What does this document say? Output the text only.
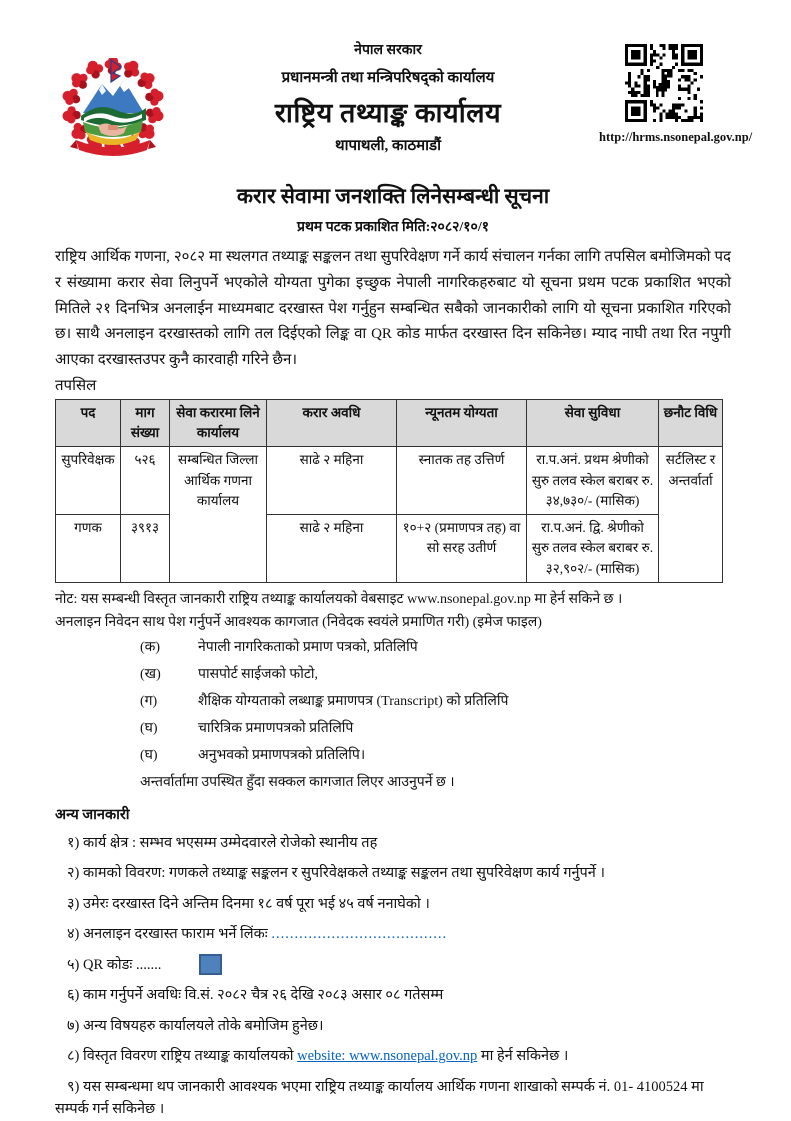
नेपाल सरकार
प्रधानमन्त्री तथा मन्त्रिपरिषद्को कार्यालय
राष्ट्रिय तथ्याङ्क कार्यालय
थापाथली, काठमाडौं
http://hrms.nsonepal.gov.np/
करार सेवामा जनशक्ति लिनेसम्बन्धी सूचना
प्रथम पटक प्रकाशित मिति:२०८२/१०/१
राष्ट्रिय आर्थिक गणना, २०८२ मा स्थलगत तथ्याङ्क सङ्कलन तथा सुपरिवेक्षण गर्ने कार्य संचालन गर्नका लागि तपसिल बमोजिमको पद र संख्यामा करार सेवा लिनुपर्ने भएकोले योग्यता पुगेका इच्छुक नेपाली नागरिकहरुबाट यो सूचना प्रथम पटक प्रकाशित भएको मितिले २१ दिनभित्र अनलाईन माध्यमबाट दरखास्त पेश गर्नुहुन सम्बन्धित सबैको जानकारीको लागि यो सूचना प्रकाशित गरिएको छ। साथै अनलाइन दरखास्तको लागि तल दिईएको लिङ्क वा QR कोड मार्फत दरखास्त दिन सकिनेछ। म्याद नाघी तथा रित नपुगी आएका दरखास्तउपर कुनै कारवाही गरिने छैन।
तपसिल
पद	माग संख्या	सेवा करारमा लिने कार्यालय	करार अवधि	न्यूनतम योग्यता	सेवा सुविधा	छनौट विधि
सुपरिवेक्षक	५२६	सम्बन्धित जिल्ला आर्थिक गणना कार्यालय	साढे २ महिना	स्नातक तह उत्तिर्ण	रा.प.अनं. प्रथम श्रेणीको सुरु तलव स्केल बराबर रु. ३४,७३०/- (मासिक)	सर्टलिस्ट र अन्तर्वार्ता
गणक	३९१३		साढे २ महिना	१०+२ (प्रमाणपत्र तह) वा सो सरह उतीर्ण	रा.प.अनं. द्वि. श्रेणीको सुरु तलव स्केल बराबर रु. ३२,९०२/- (मासिक)	
नोट: यस सम्बन्धी विस्तृत जानकारी राष्ट्रिय तथ्याङ्क कार्यालयको वेबसाइट www.nsonepal.gov.np मा हेर्न सकिने छ ।
अनलाइन निवेदन साथ पेश गर्नुपर्ने आवश्यक कागजात (निवेदक स्वयंले प्रमाणित गरी) (इमेज फाइल)
(क)	नेपाली नागरिकताको प्रमाण पत्रको, प्रतिलिपि
(ख)	पासपोर्ट साईजको फोटो,
(ग)	शैक्षिक योग्यताको लब्धाङ्क प्रमाणपत्र (Transcript) को प्रतिलिपि
(घ)	चारित्रिक प्रमाणपत्रको प्रतिलिपि
(घ)	अनुभवको प्रमाणपत्रको प्रतिलिपि।
अन्तर्वार्तामा उपस्थित हुँदा सक्कल कागजात लिएर आउनुपर्ने छ ।
अन्य जानकारी
१) कार्य क्षेत्र : सम्भव भएसम्म उम्मेदवारले रोजेको स्थानीय तह
२) कामको विवरण: गणकले तथ्याङ्क सङ्कलन र सुपरिवेक्षकले तथ्याङ्क सङ्कलन तथा सुपरिवेक्षण कार्य गर्नुपर्ने ।
३) उमेरः दरखास्त दिने अन्तिम दिनमा १८ वर्ष पूरा भई ४५ वर्ष ननाघेको ।
४) अनलाइन दरखास्त फाराम भर्ने लिंकः ......................................
५) QR कोडः .......
६) काम गर्नुपर्ने अवधिः वि.सं. २०८२ चैत्र २६ देखि २०८३ असार ०८ गतेसम्म
७) अन्य विषयहरु कार्यालयले तोके बमोजिम हुनेछ।
८) विस्तृत विवरण राष्ट्रिय तथ्याङ्क कार्यालयको website: www.nsonepal.gov.np मा हेर्न सकिनेछ ।
९) यस सम्बन्धमा थप जानकारी आवश्यक भएमा राष्ट्रिय तथ्याङ्क कार्यालय आर्थिक गणना शाखाको सम्पर्क नं. 01- 4100524 मा सम्पर्क गर्न सकिनेछ ।
